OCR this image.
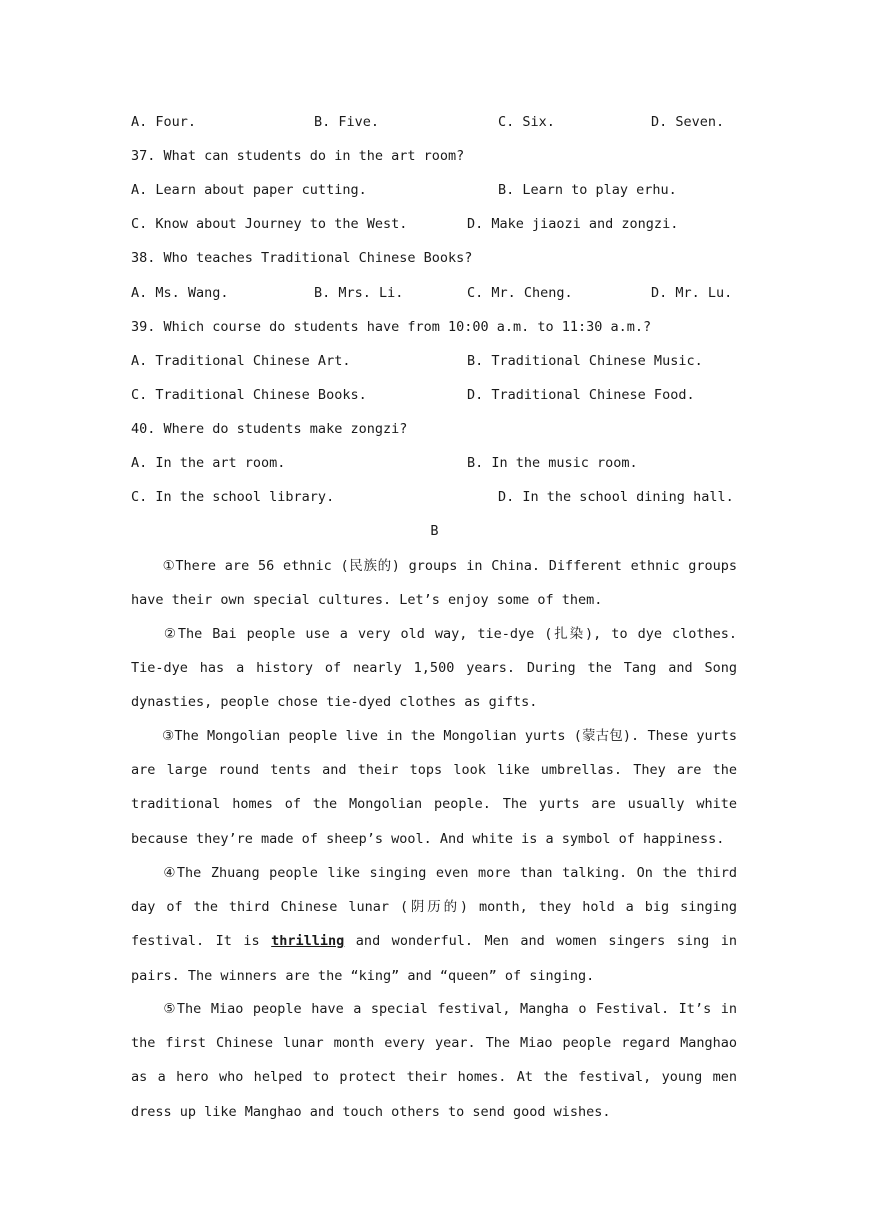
A. Four.	B. Five.	C. Six.	D. Seven.
37. What can students do in the art room?
A. Learn about paper cutting.	B. Learn to play erhu.
C. Know about Journey to the West.	D. Make jiaozi and zongzi.
38. Who teaches Traditional Chinese Books?
A. Ms. Wang.	B. Mrs. Li.	C. Mr. Cheng.	D. Mr. Lu.
39. Which course do students have from 10:00 a.m. to 11:30 a.m.?
A. Traditional Chinese Art.	B. Traditional Chinese Music.
C. Traditional Chinese Books.	D. Traditional Chinese Food.
40. Where do students make zongzi?
A. In the art room.	B. In the music room.
C. In the school library.	D. In the school dining hall.
B
①There are 56 ethnic (民族的) groups in China. Different ethnic groups have their own special cultures. Let’s enjoy some of them.
②The Bai people use a very old way, tie-dye (扎染), to dye clothes. Tie-dye has a history of nearly 1,500 years. During the Tang and Song dynasties, people chose tie-dyed clothes as gifts.
③The Mongolian people live in the Mongolian yurts (蒙古包). These yurts are large round tents and their tops look like umbrellas. They are the traditional homes of the Mongolian people. The yurts are usually white because they’re made of sheep’s wool. And white is a symbol of happiness.
④The Zhuang people like singing even more than talking. On the third day of the third Chinese lunar (阴历的) month, they hold a big singing festival. It is thrilling and wonderful. Men and women singers sing in pairs. The winners are the “king” and “queen” of singing.
⑤The Miao people have a special festival, Mangha o Festival. It’s in the first Chinese lunar month every year. The Miao people regard Manghao as a hero who helped to protect their homes. At the festival, young men dress up like Manghao and touch others to send good wishes.
